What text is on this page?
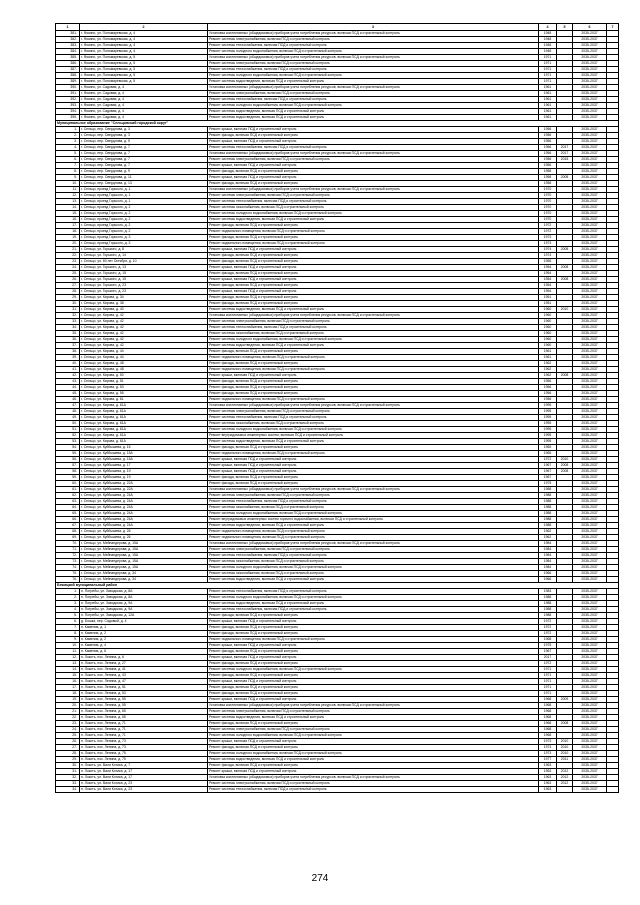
1	2	3	4	5	6	7
381.	г. Фокино, ул. Пономаревская, д. 4	Установка коллективных (общедомовых) приборов учета потребления ресурсов, включая ПСД и строительный контроль	1948		2035-2037	
382.	г. Фокино, ул. Пономаревская, д. 4	Ремонт системы электроснабжения, включая ПСД и строительный контроль	1948		2035-2037	
383.	г. Фокино, ул. Пономаревская, д. 4	Ремонт системы теплоснабжения, включая ПСД и строительный контроль	1948		2035-2037	
384.	г. Фокино, ул. Пономаревская, д. 4	Ремонт системы холодного водоснабжения, включая ПСД и строительный контроль	1948		2035-2037	
385.	г. Фокино, ул. Пономаревская, д. 5	Установка коллективных (общедомовых) приборов учета потребления ресурсов, включая ПСД и строительный контроль	1971		2035-2037	
386.	г. Фокино, ул. Пономаревская, д. 5	Ремонт системы электроснабжения, включая ПСД и строительный контроль	1971		2035-2037	
387.	г. Фокино, ул. Пономаревская, д. 5	Ремонт системы теплоснабжения, включая ПСД и строительный контроль	1971		2035-2037	
388.	г. Фокино, ул. Пономаревская, д. 5	Ремонт системы холодного водоснабжения, включая ПСД и строительный контроль	1971		2035-2037	
389.	г. Фокино, ул. Пономаревская, д. 5	Ремонт системы водоотведения, включая ПСД и строительный контроль	1971		2035-2037	
390.	г. Фокино, ул. Садовая, д. 4	Установка коллективных (общедомовых) приборов учета потребления ресурсов, включая ПСД и строительный контроль	1961		2035-2037	
391.	г. Фокино, ул. Садовая, д. 4	Ремонт системы электроснабжения, включая ПСД и строительный контроль	1961		2035-2037	
392.	г. Фокино, ул. Садовая, д. 4	Ремонт системы теплоснабжения, включая ПСД и строительный контроль	1961		2035-2037	
393.	г. Фокино, ул. Садовая, д. 4	Ремонт системы холодного водоснабжения, включая ПСД и строительный контроль	1961		2035-2037	
394.	г. Фокино, ул. Садовая, д. 4	Ремонт системы водоотведения, включая ПСД и строительный контроль	1961		2035-2037	
395.	г. Фокино, ул. Садовая, д. 4	Ремонт системы водоотведения, включая ПСД и строительный контроль	1961		2035-2037	
Муниципальное образование "Сельцовский городской округ"						
1.	г. Сельцо, пер. Свердлова, д. 3	Ремонт крыши, включая ПСД и строительный контроль	1956		2035-2037	
2.	г. Сельцо, пер. Свердлова, д. 3	Ремонт фасада, включая ПСД и строительный контроль	1956		2035-2037	
3.	г. Сельцо, пер. Свердлова, д. 5	Ремонт крыши, включая ПСД и строительный контроль	1956		2035-2037	
4.	г. Сельцо, пер. Свердлова, д. 7	Ремонт системы теплоснабжения, включая ПСД и строительный контроль	1956	2017	2035-2037	
5.	г. Сельцо, пер. Свердлова, д. 7	Установка коллективных (общедомовых) приборов учета потребления ресурсов, включая ПСД и строительный контроль	1956	2017	2035-2037	
6.	г. Сельцо, пер. Свердлова, д. 7	Ремонт системы электроснабжения, включая ПСД и строительный контроль	1956	2015	2035-2037	
7.	г. Сельцо, пер. Свердлова, д. 7	Ремонт крыши, включая ПСД и строительный контроль	1956		2035-2037	
8.	г. Сельцо, пер. Свердлова, д. 9	Ремонт фасада, включая ПСД и строительный контроль	1958		2035-2037	
9.	г. Сельцо, пер. Свердлова, д. 11	Ремонт крыши, включая ПСД и строительный контроль	1958	2008	2035-2037	
10.	г. Сельцо, пер. Свердлова, д. 13	Ремонт фасада, включая ПСД и строительный контроль	1958		2035-2037	
11.	г. Сельцо, проезд Горького, д. 1	Установка коллективных (общедомовых) приборов учета потребления ресурсов, включая ПСД и строительный контроль	1970		2035-2037	
12.	г. Сельцо, проезд Горького, д. 1	Ремонт системы электроснабжения, включая ПСД и строительный контроль	1970		2035-2037	
13.	г. Сельцо, проезд Горького, д. 1	Ремонт системы теплоснабжения, включая ПСД и строительный контроль	1970		2035-2037	
14.	г. Сельцо, проезд Горького, д. 2	Ремонт системы газоснабжения, включая ПСД и строительный контроль	1970		2035-2037	
15.	г. Сельцо, проезд Горького, д. 2	Ремонт системы холодного водоснабжения, включая ПСД и строительный контроль	1970		2035-2037	
16.	г. Сельцо, проезд Горького, д. 2	Ремонт системы водоотведения, включая ПСД и строительный контроль	1970		2035-2037	
17.	г. Сельцо, проезд Горького, д. 2	Ремонт фасада, включая ПСД и строительный контроль	1972		2035-2037	
18.	г. Сельцо, проезд Горького, д. 2	Ремонт подвального помещения, включая ПСД и строительный контроль	1972		2035-2037	
19.	г. Сельцо, проезд Горького, д. 3	Ремонт фасада, включая ПСД и строительный контроль	1973		2035-2037	
20.	г. Сельцо, проезд Горького, д. 3	Ремонт подвального помещения, включая ПСД и строительный контроль	1973		2035-2037	
21.	г. Сельцо, ул. Горького, д. 8	Ремонт крыши, включая ПСД и строительный контроль	1974	2008	2035-2037	
22.	г. Сельцо, ул. Горького, д. 14	Ремонт фасада, включая ПСД и строительный контроль	1974		2035-2037	
23.	г. Сельцо, ул. 60 лет Октября, д. 10	Ремонт фасада, включая ПСД и строительный контроль	1955		2035-2037	
24.	г. Сельцо, ул. Горького, д. 13	Ремонт крыши, включая ПСД и строительный контроль	1954	2008	2035-2037	
25.	г. Сельцо, ул. Горького, д. 15	Ремонт фасада, включая ПСД и строительный контроль	1954		2035-2037	
26.	г. Сельцо, ул. Горького, д. 15	Ремонт крыши, включая ПСД и строительный контроль	1954	2008	2035-2037	
27.	г. Сельцо, ул. Горького, д. 23	Ремонт фасада, включая ПСД и строительный контроль	1954		2035-2037	
28.	г. Сельцо, ул. Горького, д. 23	Ремонт крыши, включая ПСД и строительный контроль	1954		2035-2037	
29.	г. Сельцо, ул. Кирова, д. 34	Ремонт фасада, включая ПСД и строительный контроль	1951		2035-2037	
30.	г. Сельцо, ул. Кирова, д. 38	Ремонт фасада, включая ПСД и строительный контроль	1951		2035-2037	
31.	г. Сельцо, ул. Кирова, д. 40	Ремонт системы водоотведения, включая ПСД и строительный контроль	1960	2010	2035-2037	
32.	г. Сельцо, ул. Кирова, д. 42	Установка коллективных (общедомовых) приборов учета потребления ресурсов, включая ПСД и строительный контроль	1960		2035-2037	
33.	г. Сельцо, ул. Кирова, д. 42	Ремонт системы электроснабжения, включая ПСД и строительный контроль	1960		2035-2037	
34.	г. Сельцо, ул. Кирова, д. 42	Ремонт системы теплоснабжения, включая ПСД и строительный контроль	1960		2035-2037	
35.	г. Сельцо, ул. Кирова, д. 42	Ремонт системы газоснабжения, включая ПСД и строительный контроль	1960		2035-2037	
36.	г. Сельцо, ул. Кирова, д. 42	Ремонт системы холодного водоснабжения, включая ПСД и строительный контроль	1960		2035-2037	
37.	г. Сельцо, ул. Кирова, д. 42	Ремонт системы водоотведения, включая ПСД и строительный контроль	1960		2035-2037	
38.	г. Сельцо, ул. Кирова, д. 44	Ремонт фасада, включая ПСД и строительный контроль	1961		2035-2037	
39.	г. Сельцо, ул. Кирова, д. 44	Ремонт подвального помещения, включая ПСД и строительный контроль	1961		2035-2037	
40.	г. Сельцо, ул. Кирова, д. 48	Ремонт фасада, включая ПСД и строительный контроль	1962		2035-2037	
41.	г. Сельцо, ул. Кирова, д. 48	Ремонт подвального помещения, включая ПСД и строительный контроль	1962		2035-2037	
42.	г. Сельцо, ул. Кирова, д. 50	Ремонт крыши, включая ПСД и строительный контроль	1962	2008	2035-2037	
43.	г. Сельцо, ул. Кирова, д. 51	Ремонт фасада, включая ПСД и строительный контроль	1956		2035-2037	
44.	г. Сельцо, ул. Кирова, д. 53	Ремонт фасада, включая ПСД и строительный контроль	1956		2035-2037	
45.	г. Сельцо, ул. Кирова, д. 55	Ремонт фасада, включая ПСД и строительный контроль	1956		2035-2037	
46.	г. Сельцо, ул. Кирова, д. 61	Ремонт подвального помещения, включая ПСД и строительный контроль	1956		2035-2037	
47.	г. Сельцо, ул. Кирова, д. 61А	Установка коллективных (общедомовых) приборов учета потребления ресурсов, включая ПСД и строительный контроль	1995		2035-2037	
48.	г. Сельцо, ул. Кирова, д. 61А	Ремонт системы электроснабжения, включая ПСД и строительный контроль	1995		2035-2037	
49.	г. Сельцо, ул. Кирова, д. 61А	Ремонт системы теплоснабжения, включая ПСД и строительный контроль	1995		2035-2037	
50.	г. Сельцо, ул. Кирова, д. 61А	Ремонт системы газоснабжения, включая ПСД и строительный контроль	1995		2035-2037	
51.	г. Сельцо, ул. Кирова, д. 61А	Ремонт системы холодного водоснабжения, включая ПСД и строительный контроль	1995		2035-2037	
52.	г. Сельцо, ул. Кирова, д. 61А	Ремонт внутридомовых инженерных систем, включая ПСД и строительный контроль	1995		2035-2037	
53.	г. Сельцо, ул. Кирова, д. 61А	Ремонт системы водоотведения, включая ПСД и строительный контроль	1995		2035-2037	
54.	г. Сельцо, ул. Куйбышева, д. 15	Ремонт фасада, включая ПСД и строительный контроль	1965		2035-2037	
55.	г. Сельцо, ул. Куйбышева, д. 15А	Ремонт подвального помещения, включая ПСД и строительный контроль	1965		2035-2037	
56.	г. Сельцо, ул. Куйбышева, д. 15А	Ремонт крыши, включая ПСД и строительный контроль	1972	2010	2035-2037	
57.	г. Сельцо, ул. Куйбышева, д. 17	Ремонт крыши, включая ПСД и строительный контроль	1967	2008	2035-2037	
58.	г. Сельцо, ул. Куйбышева, д. 19	Ремонт крыши, включая ПСД и строительный контроль	1967	2008	2035-2037	
59.	г. Сельцо, ул. Куйбышева, д. 19	Ремонт фасада, включая ПСД и строительный контроль	1967		2035-2037	
60.	г. Сельцо, ул. Куйбышева, д. 22А	Ремонт фасада, включая ПСД и строительный контроль	1975		2035-2037	
61.	г. Сельцо, ул. Куйбышева, д. 22А	Установка коллективных (общедомовых) приборов учета потребления ресурсов, включая ПСД и строительный контроль	1988		2035-2037	
62.	г. Сельцо, ул. Куйбышева, д. 24А	Ремонт системы электроснабжения, включая ПСД и строительный контроль	1988		2035-2037	
63.	г. Сельцо, ул. Куйбышева, д. 24А	Ремонт системы теплоснабжения, включая ПСД и строительный контроль	1988		2035-2037	
64.	г. Сельцо, ул. Куйбышева, д. 24А	Ремонт системы газоснабжения, включая ПСД и строительный контроль	1988		2035-2037	
65.	г. Сельцо, ул. Куйбышева, д. 24А	Ремонт системы холодного водоснабжения, включая ПСД и строительный контроль	1988		2035-2037	
66.	г. Сельцо, ул. Куйбышева, д. 24А	Ремонт внутридомовых инженерных систем горячего водоснабжения, включая ПСД и строительный контроль	1988		2035-2037	
67.	г. Сельцо, ул. Куйбышева, д. 24А	Ремонт системы водоотведения, включая ПСД и строительный контроль	1988		2035-2037	
68.	г. Сельцо, ул. Куйбышева, д. 26	Ремонт подвального помещения, включая ПСД и строительный контроль	1962		2035-2037	
69.	г. Сельцо, ул. Куйбышева, д. 26	Ремонт подвального помещения, включая ПСД и строительный контроль	1962		2035-2037	
70.	г. Сельцо, ул. Мейнандерова, д. 15А	Установка коллективных (общедомовых) приборов учета потребления ресурсов, включая ПСД и строительный контроль	1984		2035-2037	
71.	г. Сельцо, ул. Мейнандерова, д. 15А	Ремонт системы электроснабжения, включая ПСД и строительный контроль	1984		2035-2037	
72.	г. Сельцо, ул. Мейнандерова, д. 15А	Ремонт системы теплоснабжения, включая ПСД и строительный контроль	1984		2035-2037	
73.	г. Сельцо, ул. Мейнандерова, д. 15А	Ремонт системы газоснабжения, включая ПСД и строительный контроль	1984		2035-2037	
74.	г. Сельцо, ул. Мейнандерова, д. 15А	Ремонт системы холодного водоснабжения, включая ПСД и строительный контроль	1984		2035-2037	
75.	г. Сельцо, ул. Мейнандерова, д. 34	Ремонт системы газоснабжения, включая ПСД и строительный контроль	1966		2035-2037	
76.	г. Сельцо, ул. Мейнандерова, д. 34	Ремонт системы водоотведения, включая ПСД и строительный контроль	1966		2035-2037	
Бежицкий муниципальный район						
1.	п. Потребы, ул. Заводская, д. 8А	Ремонт системы теплоснабжения, включая ПСД и строительный контроль	1983		2035-2037	
2.	п. Потребы, ул. Заводская, д. 8А	Ремонт системы холодного водоснабжения, включая ПСД и строительный контроль	1988		2035-2037	
3.	п. Потребы, ул. Заводская, д. 9А	Ремонт системы водоотведения, включая ПСД и строительный контроль	1988		2035-2037	
4.	п. Потребы, ул. Заводская, д. 9А	Ремонт системы теплоснабжения, включая ПСД и строительный контроль	1988		2035-2037	
5.	п. Потребы, ул. Заводская, д. 12А	Ремонт фасада, включая ПСД и строительный контроль	1988		2035-2037	
6.	д. Бошка, пер. Садовый, д. 4	Ремонт крыши, включая ПСД и строительный контроль	1972		2035-2037	
7.	п. Камелия, д. 1	Ремонт фасада, включая ПСД и строительный контроль	1972		2035-2037	
8.	п. Камелия, д. 2	Ремонт фасада, включая ПСД и строительный контроль	1972		2035-2037	
9.	п. Камелия, д. 2	Ремонт подвального помещения, включая ПСД и строительный контроль	1968		2035-2037	
10.	п. Камелия, д. 4	Ремонт крыши, включая ПСД и строительный контроль	1975		2035-2037	
11.	п. Камелия, д. 6	Ремонт фасада, включая ПСД и строительный контроль	1967		2035-2037	
12.	п. Локоть, пос. Ленина, д. 6	Ремонт крыши, включая ПСД и строительный контроль	2017		2035-2037	
13.	п. Локоть, пос. Ленина, д. 27	Ремонт фасада, включая ПСД и строительный контроль	1972		2035-2037	
14.	п. Локоть, пос. Ленина, д. 41	Ремонт системы холодного водоснабжения, включая ПСД и строительный контроль	1971		2035-2037	
15.	п. Локоть, пос. Ленина, д. 43	Ремонт фасада, включая ПСД и строительный контроль	1971		2035-2037	
16.	п. Локоть, пос. Ленина, д. 47	Ремонт крыши, включая ПСД и строительный контроль	1971		2035-2037	
17.	п. Локоть, пос. Ленина, д. 51	Ремонт фасада, включая ПСД и строительный контроль	1971		2035-2037	
18.	п. Локоть, пос. Ленина, д. 53	Ремонт фасада, включая ПСД и строительный контроль	1971		2035-2037	
19.	п. Локоть, пос. Ленина, д. 55	Ремонт крыши, включая ПСД и строительный контроль	1968	2009	2035-2037	
20.	п. Локоть, пос. Ленина, д. 55	Установка коллективных (общедомовых) приборов учета потребления ресурсов, включая ПСД и строительный контроль	1968		2035-2037	
21.	п. Локоть, пос. Ленина, д. 65	Ремонт системы электроснабжения, включая ПСД и строительный контроль	1968		2035-2037	
22.	п. Локоть, пос. Ленина, д. 65	Ремонт системы водоотведения, включая ПСД и строительный контроль	1968		2035-2037	
23.	п. Локоть, пос. Ленина, д. 71	Ремонт фасада, включая ПСД и строительный контроль	1968	2008	2035-2037	
24.	п. Локоть, пос. Ленина, д. 71	Ремонт системы электроснабжения, включая ПСД и строительный контроль	1968		2035-2037	
25.	п. Локоть, пос. Ленина, д. 71	Ремонт системы холодного водоснабжения, включая ПСД и строительный контроль	1968		2035-2037	
26.	п. Локоть, пос. Ленина, д. 73	Ремонт крыши, включая ПСД и строительный контроль	1973	2010	2035-2037	
27.	п. Локоть, пос. Ленина, д. 73	Ремонт фасада, включая ПСД и строительный контроль	1973	2010	2035-2037	
28.	п. Локоть, пос. Ленина, д. 75	Ремонт системы холодного водоснабжения, включая ПСД и строительный контроль	1973	2010	2035-2037	
29.	п. Локоть, пос. Ленина, д. 75	Ремонт системы водоотведения, включая ПСД и строительный контроль	1977	2011	2035-2037	
30.	п. Локоть, ул. Вали Котика, д. 7	Ремонт фасада, включая ПСД и строительный контроль	1963		2035-2037	
31.	п. Локоть, ул. Вали Котика, д. 17	Ремонт крыши, включая ПСД и строительный контроль	1963	2012	2035-2037	
32.	п. Локоть, ул. Вали Котика, д. 17	Установка коллективных (общедомовых) приборов учета потребления ресурсов, включая ПСД и строительный контроль	1963	2012	2035-2037	
33.	п. Локоть, ул. Вали Котика, д. 23	Ремонт системы электроснабжения, включая ПСД и строительный контроль	1963	2012	2035-2037	
34.	п. Локоть, ул. Вали Котика, д. 23	Ремонт системы теплоснабжения, включая ПСД и строительный контроль	1963		2035-2037	
274
